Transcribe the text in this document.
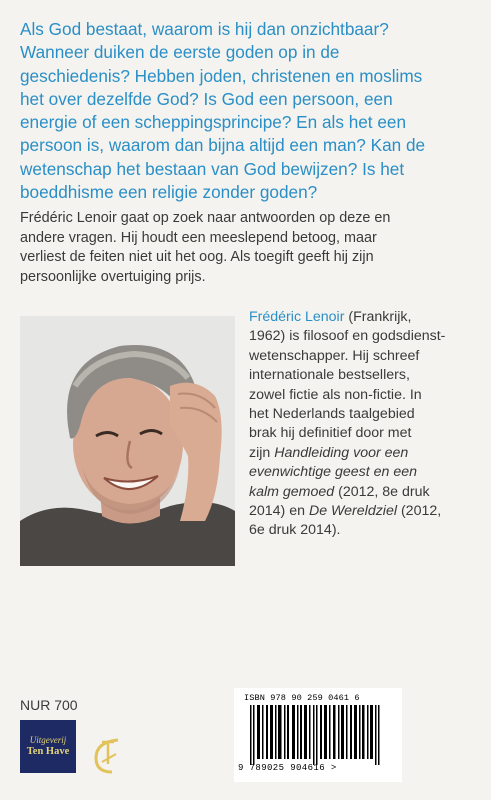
Als God bestaat, waarom is hij dan onzichtbaar?
Wanneer duiken de eerste goden op in de
geschiedenis? Hebben joden, christenen en moslims
het over dezelfde God? Is God een persoon, een
energie of een scheppingsprincipe? En als het een
persoon is, waarom dan bijna altijd een man? Kan de
wetenschap het bestaan van God bewijzen? Is het
boeddhisme een religie zonder goden?

Frédéric Lenoir gaat op zoek naar antwoorden op deze en
andere vragen. Hij houdt een meeslepend betoog, maar
verliest de feiten niet uit het oog. Als toegift geeft hij zijn
persoonlijke overtuiging prijs.

Frédéric Lenoir (Frankrijk,
1962) is filosoof en godsdienst-
wetenschapper. Hij schreef
internationale bestsellers,
zowel fictie als non-fictie. In
het Nederlands taalgebied
brak hij definitief door met
zijn Handleiding voor een
evenwichtige geest en een
kalm gemoed (2012, 8e druk
2014) en De Wereldziel (2012,
6e druk 2014).

NUR 700

Uitgeverij
Ten Have
ISBN 978 90 259 0461 6
9 789025 904616 >
